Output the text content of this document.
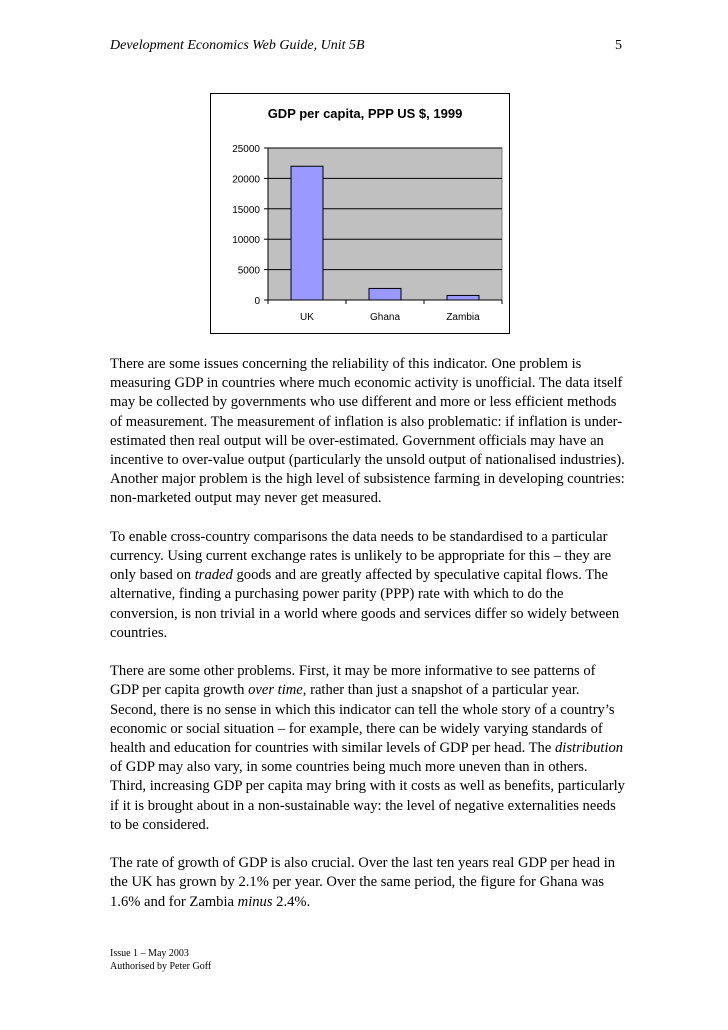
Development Economics Web Guide, Unit 5B	5
GDP per capita, PPP US $, 1999
0
5000
10000
15000
20000
25000
UK	Ghana	Zambia

There are some issues concerning the reliability of this indicator. One problem is measuring GDP in countries where much economic activity is unofficial. The data itself may be collected by governments who use different and more or less efficient methods of measurement. The measurement of inflation is also problematic: if inflation is under-estimated then real output will be over-estimated. Government officials may have an incentive to over-value output (particularly the unsold output of nationalised industries). Another major problem is the high level of subsistence farming in developing countries: non-marketed output may never get measured.

To enable cross-country comparisons the data needs to be standardised to a particular currency. Using current exchange rates is unlikely to be appropriate for this – they are only based on traded goods and are greatly affected by speculative capital flows. The alternative, finding a purchasing power parity (PPP) rate with which to do the conversion, is non trivial in a world where goods and services differ so widely between countries.

There are some other problems. First, it may be more informative to see patterns of GDP per capita growth over time, rather than just a snapshot of a particular year. Second, there is no sense in which this indicator can tell the whole story of a country’s economic or social situation – for example, there can be widely varying standards of health and education for countries with similar levels of GDP per head. The distribution of GDP may also vary, in some countries being much more uneven than in others. Third, increasing GDP per capita may bring with it costs as well as benefits, particularly if it is brought about in a non-sustainable way: the level of negative externalities needs to be considered.

The rate of growth of GDP is also crucial. Over the last ten years real GDP per head in the UK has grown by 2.1% per year. Over the same period, the figure for Ghana was 1.6% and for Zambia minus 2.4%.

Issue 1 – May 2003
Authorised by Peter Goff
